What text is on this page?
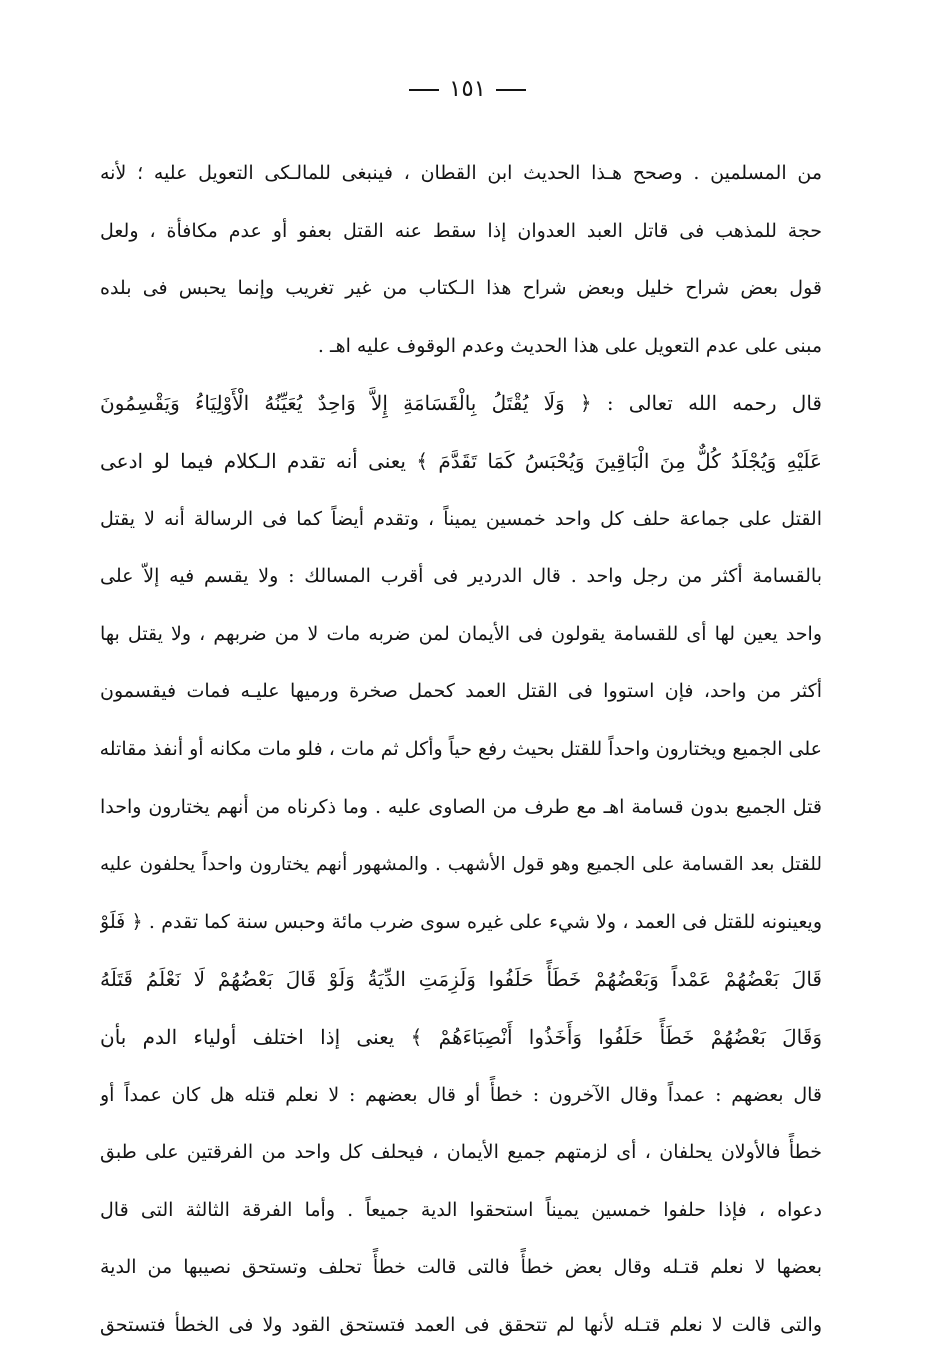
١٥١
من المسلمين . وصحح هـذا الحديث ابن القطان ، فينبغى للمالـكى التعويل عليه ؛ لأنه
حجة للمذهب فى قاتل العبد العدوان إذا سقط عنه القتل بعفو أو عدم مكافأة ، ولعل
قول بعض شراح خليل وبعض شراح هذا الـكتاب من غير تغريب وإنما يحبس فى بلده
مبنى على عدم التعويل على هذا الحديث وعدم الوقوف عليه اهـ .
قال رحمه الله تعالى : ﴿ وَلَا يُقْتَلُ بِالْقَسَامَةِ إِلاَّ وَاحِدٌ يُعَيِّنُهُ الْأَوْلِيَاءُ وَيَقْسِمُونَ
عَلَيْهِ وَيُجْلَدُ كُلٌّ مِنَ الْبَاقِينَ وَيُحْبَسُ كَمَا تَقَدَّمَ ﴾ يعنى أنه تقدم الـكلام فيما لو ادعى
القتل على جماعة حلف كل واحد خمسين يميناً ، وتقدم أيضاً كما فى الرسالة أنه لا يقتل
بالقسامة أكثر من رجل واحد . قال الدردير فى أقرب المسالك : ولا يقسم فيه إلاّ على
واحد يعين لها أى للقسامة يقولون فى الأيمان لمن ضربه مات لا من ضربهم ، ولا يقتل بها
أكثر من واحد، فإن استووا فى القتل العمد كحمل صخرة ورميها عليـه فمات فيقسمون
على الجميع ويختارون واحداً للقتل بحيث رفع حياً وأكل ثم مات ، فلو مات مكانه أو أنفذ مقاتله
قتل الجميع بدون قسامة اهـ مع طرف من الصاوى عليه . وما ذكرناه من أنهم يختارون واحدا
للقتل بعد القسامة على الجميع وهو قول الأشهب . والمشهور أنهم يختارون واحداً يحلفون عليه
ويعينونه للقتل فى العمد ، ولا شيء على غيره سوى ضرب مائة وحبس سنة كما تقدم . ﴿ فَلَوْ
قَالَ بَعْضُهُمْ عَمْداً وَبَعْضُهُمْ خَطَأً حَلَفُوا وَلَزِمَتِ الدِّيَةُ وَلَوْ قَالَ بَعْضُهُمْ لَا نَعْلَمُ قَتَلَهُ
وَقَالَ بَعْضُهُمْ خَطَأً حَلَفُوا وَأَخَذُوا أَنْصِبَاءَهُمْ ﴾ يعنى إذا اختلف أولياء الدم بأن
قال بعضهم : عمداً وقال الآخرون : خطأً أو قال بعضهم : لا نعلم قتله هل كان عمداً أو
خطأً فالأولان يحلفان ، أى لزمتهم جميع الأيمان ، فيحلف كل واحد من الفرقتين على طبق
دعواه ، فإذا حلفوا خمسين يميناً استحقوا الدية جميعاً . وأما الفرقة الثالثة التى قال
بعضها لا نعلم قتـله وقال بعض خطأً فالتى قالت خطأً تحلف وتستحق نصيبها من الدية
والتى قالت لا نعلم قتـله لأنها لم تتحقق فى العمد فتستحق القود ولا فى الخطأ فتستحق
